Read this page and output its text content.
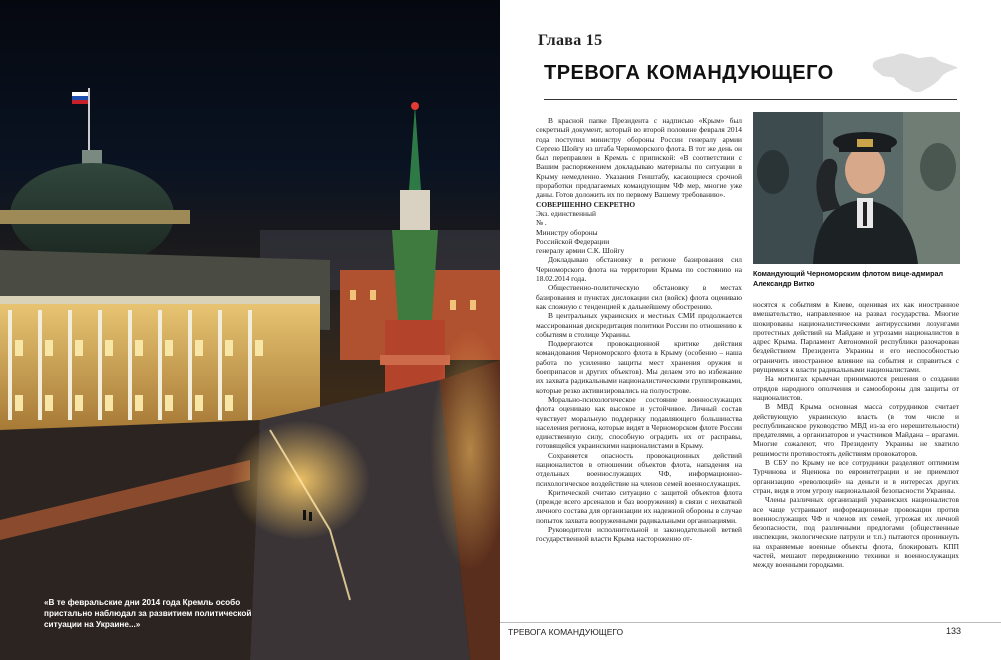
«В те февральские дни 2014 года Кремль особо пристально наблюдал за развитием политической ситуации на Украине...»
Глава 15
ТРЕВОГА КОМАНДУЮЩЕГО

В красной папке Президента с надписью «Крым» был секретный документ, который во второй половине февраля 2014 года поступил министру обороны России генералу армии Сергею Шойгу из штаба Черноморского флота. В тот же день он был переправлен в Кремль с припиской: «В соответствии с Вашим распоряжением докладываю материалы по ситуации в Крыму немедленно. Указания Генштабу, касающиеся срочной проработки предлагаемых командующим ЧФ мер, многие уже даны. Готов доложить их по первому Вашему требованию».

СОВЕРШЕННО СЕКРЕТНО

Экз. единственный

№ .

Министру обороны

Российской Федерации

генералу армии С.К. Шойгу

Докладываю обстановку в регионе базирования сил Черноморского флота на территории Крыма по состоянию на 18.02.2014 года.

Общественно-политическую обстановку в местах базирования и пунктах дислокации сил (войск) флота оцениваю как сложную с тенденцией к дальнейшему обострению.

В центральных украинских и местных СМИ продолжается массированная дискредитация политики России по отношению к событиям в столице Украины.

Подвергаются провокационной критике действия командования Черноморского флота в Крыму (особенно – наша работа по усилению защиты мест хранения оружия и боеприпасов и других объектов). Мы делаем это во избежание их захвата радикальными националистическими группировками, которые резко активизировались на полуострове.

Морально-психологическое состояние военнослужащих флота оцениваю как высокое и устойчивое. Личный состав чувствует моральную поддержку подавляющего большинства населения региона, которые видят в Черноморском флоте России единственную силу, способную оградить их от расправы, готовящейся украинскими националистами в Крыму.

Сохраняется опасность провокационных действий националистов в отношении объектов флота, нападения на отдельных военнослужащих ЧФ, информационно-психологическое воздействие на членов семей военнослужащих.

Критической считаю ситуацию с защитой объектов флота (прежде всего арсеналов и баз вооружения) в связи с нехваткой личного состава для организации их надежной обороны в случае попыток захвата вооруженными радикальными организациями.

Руководители исполнительной и законодательной ветвей государственной власти Крыма настороженно от-

Командующий Черноморским флотом вице-адмирал Александр Витко

носятся к событиям в Киеве, оценивая их как иностранное вмешательство, направленное на развал государства. Многие шокированы националистическими антирусскими лозунгами протестных действий на Майдане и угрозами националистов в адрес Крыма. Парламент Автономной республики разочарован бездействием Президента Украины и его неспособностью ограничить иностранное влияние на события и справиться с рвущимися к власти радикальными националистами.

На митингах крымчан принимаются решения о создании отрядов народного ополчения и самообороны для защиты от националистов.

В МВД Крыма основная масса сотрудников считает действующую украинскую власть (в том числе и республиканское руководство МВД из-за его нерешительности) предателями, а организаторов и участников Майдана – врагами. Многие сожалеют, что Президенту Украины не хватило решимости противостоять действиям провокаторов.

В СБУ по Крыму не все сотрудники разделяют оптимизм Турчинова и Яценюка по евроинтеграции и не приемлют организацию «революций» на деньги и в интересах других стран, видя в этом угрозу национальной безопасности Украины.

Члены различных организаций украинских националистов все чаще устраивают информационные провокации против военнослужащих ЧФ и членов их семей, угрожая их личной безопасности, под различными предлогами (общественные инспекции, экологические патрули и т.п.) пытаются проникнуть на охраняемые военные объекты флота, блокировать КПП частей, мешают передвижению техники и военнослужащих между военными городками.

ТРЕВОГА КОМАНДУЮЩЕГО	133
